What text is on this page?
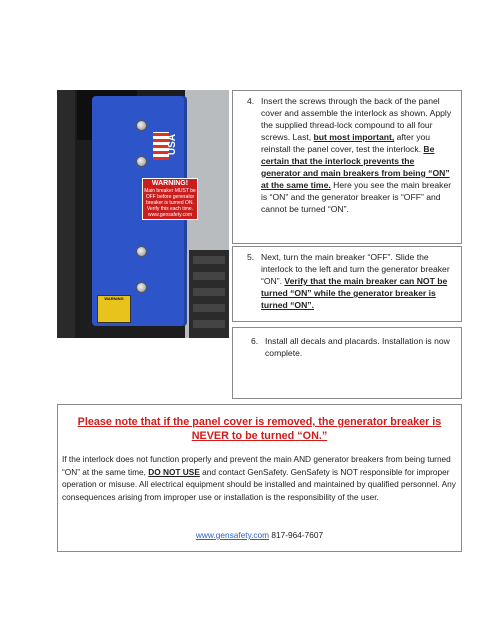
USA
WARNING!
Main breaker MUST be OFF before generator breaker is turned ON. Verify this each time. www.gensafety.com
WARNING
4. Insert the screws through the back of the panel cover and assemble the interlock as shown. Apply the supplied thread-lock compound to all four screws. Last, but most important, after you reinstall the panel cover, test the interlock. Be certain that the interlock prevents the generator and main breakers from being “ON” at the same time. Here you see the main breaker is “ON” and the generator breaker is “OFF” and cannot be turned “ON”.

5. Next, turn the main breaker “OFF”. Slide the interlock to the left and turn the generator breaker “ON”. Verify that the main breaker can NOT be turned “ON” while the generator breaker is turned “ON”.

6. Install all decals and placards. Installation is now complete.

Please note that if the panel cover is removed, the generator breaker is NEVER to be turned “ON.”
If the interlock does not function properly and prevent the main AND generator breakers from being turned “ON” at the same time, DO NOT USE and contact GenSafety. GenSafety is NOT responsible for improper operation or misuse. All electrical equipment should be installed and maintained by qualified personnel. Any consequences arising from improper use or installation is the responsibility of the user.
www.gensafety.com 817-964-7607
